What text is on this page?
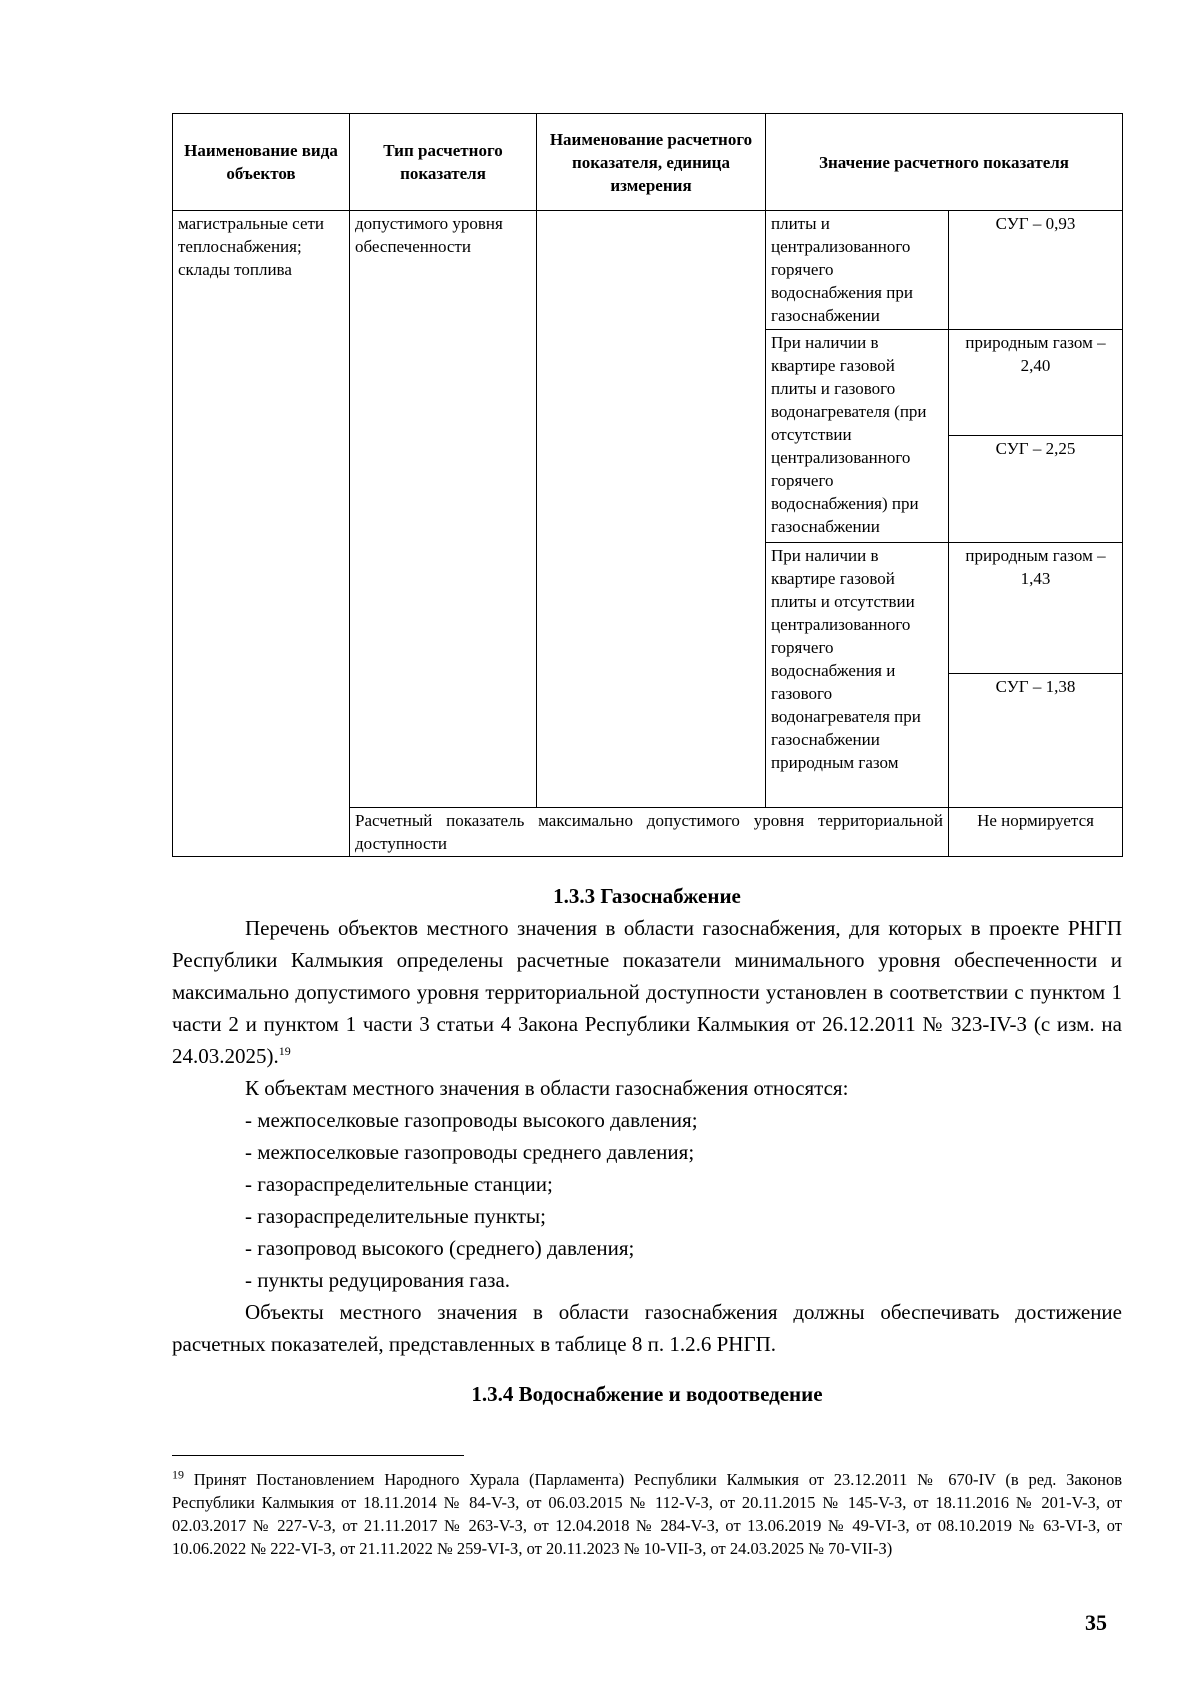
Наименование вида объектов	Тип расчетного показателя	Наименование расчетного показателя, единица измерения	Значение расчетного показателя	
магистральные сети теплоснабжения; склады топлива	допустимого уровня обеспеченности		плиты и централизованного горячего водоснабжения при газоснабжении	СУГ – 0,93
			При наличии в квартире газовой плиты и газового водонагревателя (при отсутствии централизованного горячего водоснабжения) при газоснабжении	природным газом – 2,40
				СУГ – 2,25
			При наличии в квартире газовой плиты и отсутствии централизованного горячего водоснабжения и газового водонагревателя при газоснабжении природным газом	природным газом – 1,43
				СУГ – 1,38
	Расчетный показатель максимально допустимого уровня территориальной доступности			Не нормируется

1.3.3 Газоснабжение

Перечень объектов местного значения в области газоснабжения, для которых в проекте РНГП Республики Калмыкия определены расчетные показатели минимального уровня обеспеченности и максимально допустимого уровня территориальной доступности установлен в соответствии с пунктом 1 части 2 и пунктом 1 части 3 статьи 4 Закона Республики Калмыкия от 26.12.2011 № 323-IV-З (с изм. на 24.03.2025).$^{19}$

К объектам местного значения в области газоснабжения относятся:

- межпоселковые газопроводы высокого давления;

- межпоселковые газопроводы среднего давления;

- газораспределительные станции;

- газораспределительные пункты;

- газопровод высокого (среднего) давления;

- пункты редуцирования газа.

Объекты местного значения в области газоснабжения должны обеспечивать достижение расчетных показателей, представленных в таблице 8 п. 1.2.6 РНГП.

1.3.4 Водоснабжение и водоотведение

$^{19}$ Принят Постановлением Народного Хурала (Парламента) Республики Калмыкия от 23.12.2011 № 670-IV (в ред. Законов Республики Калмыкия от 18.11.2014 № 84-V-З, от 06.03.2015 № 112-V-З, от 20.11.2015 № 145-V-З, от 18.11.2016 № 201-V-З, от 02.03.2017 № 227-V-З, от 21.11.2017 № 263-V-З, от 12.04.2018 № 284-V-З, от 13.06.2019 № 49-VI-З, от 08.10.2019 № 63-VI-З, от 10.06.2022 № 222-VI-З, от 21.11.2022 № 259-VI-З, от 20.11.2023 № 10-VII-З, от 24.03.2025 № 70-VII-З)
35
